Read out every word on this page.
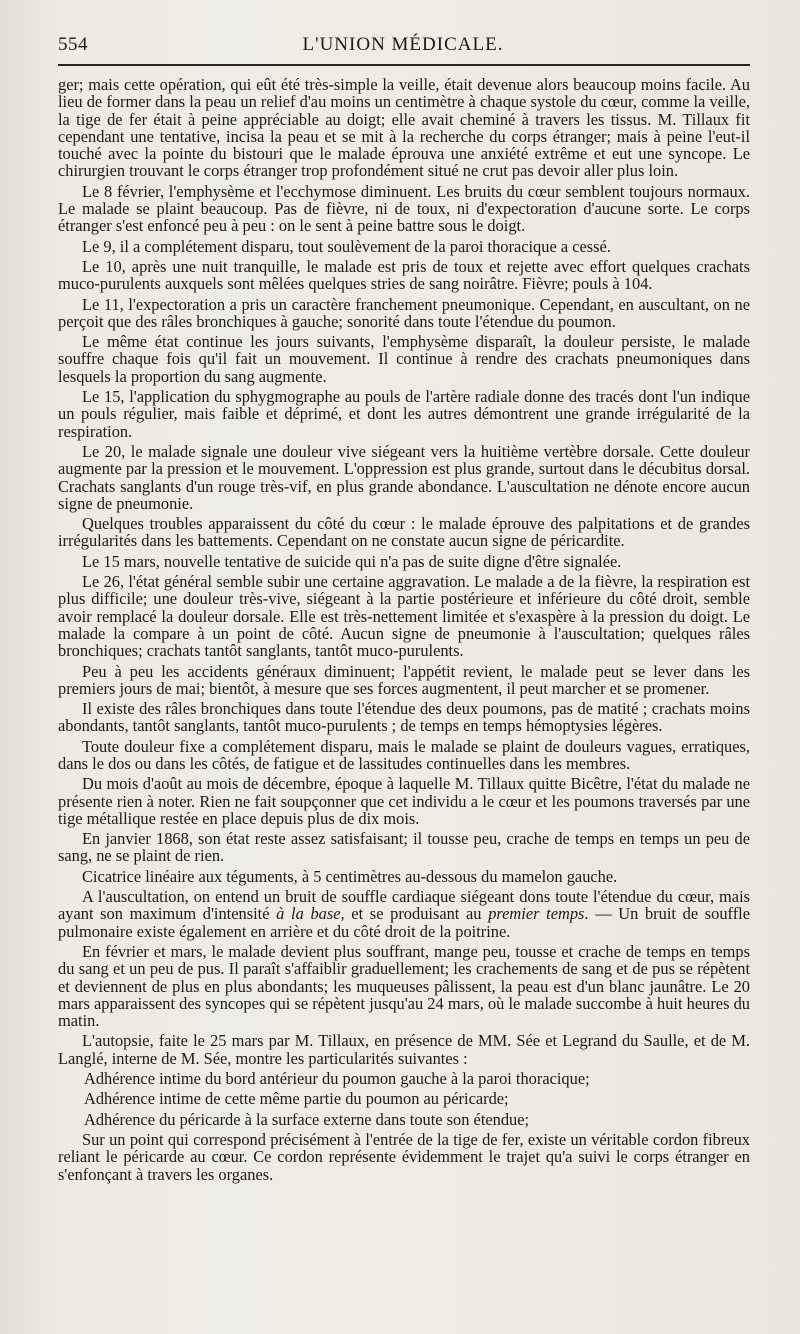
554	L'UNION MÉDICALE.

ger; mais cette opération, qui eût été très-simple la veille, était devenue alors beaucoup moins facile. Au lieu de former dans la peau un relief d'au moins un centimètre à chaque systole du cœur, comme la veille, la tige de fer était à peine appréciable au doigt; elle avait cheminé à travers les tissus. M. Tillaux fit cependant une tentative, incisa la peau et se mit à la recherche du corps étranger; mais à peine l'eut-il touché avec la pointe du bistouri que le malade éprouva une anxiété extrême et eut une syncope. Le chirurgien trouvant le corps étranger trop profondément situé ne crut pas devoir aller plus loin.

Le 8 février, l'emphysème et l'ecchymose diminuent. Les bruits du cœur semblent toujours normaux. Le malade se plaint beaucoup. Pas de fièvre, ni de toux, ni d'expectoration d'aucune sorte. Le corps étranger s'est enfoncé peu à peu : on le sent à peine battre sous le doigt.

Le 9, il a complétement disparu, tout soulèvement de la paroi thoracique a cessé.

Le 10, après une nuit tranquille, le malade est pris de toux et rejette avec effort quelques crachats muco-purulents auxquels sont mêlées quelques stries de sang noirâtre. Fièvre; pouls à 104.

Le 11, l'expectoration a pris un caractère franchement pneumonique. Cependant, en auscultant, on ne perçoit que des râles bronchiques à gauche; sonorité dans toute l'étendue du poumon.

Le même état continue les jours suivants, l'emphysème disparaît, la douleur persiste, le malade souffre chaque fois qu'il fait un mouvement. Il continue à rendre des crachats pneumoniques dans lesquels la proportion du sang augmente.

Le 15, l'application du sphygmographe au pouls de l'artère radiale donne des tracés dont l'un indique un pouls régulier, mais faible et déprimé, et dont les autres démontrent une grande irrégularité de la respiration.

Le 20, le malade signale une douleur vive siégeant vers la huitième vertèbre dorsale. Cette douleur augmente par la pression et le mouvement. L'oppression est plus grande, surtout dans le décubitus dorsal. Crachats sanglants d'un rouge très-vif, en plus grande abondance. L'auscultation ne dénote encore aucun signe de pneumonie.

Quelques troubles apparaissent du côté du cœur : le malade éprouve des palpitations et de grandes irrégularités dans les battements. Cependant on ne constate aucun signe de péricardite.

Le 15 mars, nouvelle tentative de suicide qui n'a pas de suite digne d'être signalée.

Le 26, l'état général semble subir une certaine aggravation. Le malade a de la fièvre, la respiration est plus difficile; une douleur très-vive, siégeant à la partie postérieure et inférieure du côté droit, semble avoir remplacé la douleur dorsale. Elle est très-nettement limitée et s'exaspère à la pression du doigt. Le malade la compare à un point de côté. Aucun signe de pneumonie à l'auscultation; quelques râles bronchiques; crachats tantôt sanglants, tantôt muco-purulents.

Peu à peu les accidents généraux diminuent; l'appétit revient, le malade peut se lever dans les premiers jours de mai; bientôt, à mesure que ses forces augmentent, il peut marcher et se promener.

Il existe des râles bronchiques dans toute l'étendue des deux poumons, pas de matité ; crachats moins abondants, tantôt sanglants, tantôt muco-purulents ; de temps en temps hémoptysies légères.

Toute douleur fixe a complétement disparu, mais le malade se plaint de douleurs vagues, erratiques, dans le dos ou dans les côtés, de fatigue et de lassitudes continuelles dans les membres.

Du mois d'août au mois de décembre, époque à laquelle M. Tillaux quitte Bicêtre, l'état du malade ne présente rien à noter. Rien ne fait soupçonner que cet individu a le cœur et les poumons traversés par une tige métallique restée en place depuis plus de dix mois.

En janvier 1868, son état reste assez satisfaisant; il tousse peu, crache de temps en temps un peu de sang, ne se plaint de rien.

Cicatrice linéaire aux téguments, à 5 centimètres au-dessous du mamelon gauche.

A l'auscultation, on entend un bruit de souffle cardiaque siégeant dons toute l'étendue du cœur, mais ayant son maximum d'intensité à la base, et se produisant au premier temps. — Un bruit de souffle pulmonaire existe également en arrière et du côté droit de la poitrine.

En février et mars, le malade devient plus souffrant, mange peu, tousse et crache de temps en temps du sang et un peu de pus. Il paraît s'affaiblir graduellement; les crachements de sang et de pus se répètent et deviennent de plus en plus abondants; les muqueuses pâlissent, la peau est d'un blanc jaunâtre. Le 20 mars apparaissent des syncopes qui se répètent jusqu'au 24 mars, où le malade succombe à huit heures du matin.

L'autopsie, faite le 25 mars par M. Tillaux, en présence de MM. Sée et Legrand du Saulle, et de M. Langlé, interne de M. Sée, montre les particularités suivantes :

Adhérence intime du bord antérieur du poumon gauche à la paroi thoracique;

Adhérence intime de cette même partie du poumon au péricarde;

Adhérence du péricarde à la surface externe dans toute son étendue;

Sur un point qui correspond précisément à l'entrée de la tige de fer, existe un véritable cordon fibreux reliant le péricarde au cœur. Ce cordon représente évidemment le trajet qu'a suivi le corps étranger en s'enfonçant à travers les organes.
